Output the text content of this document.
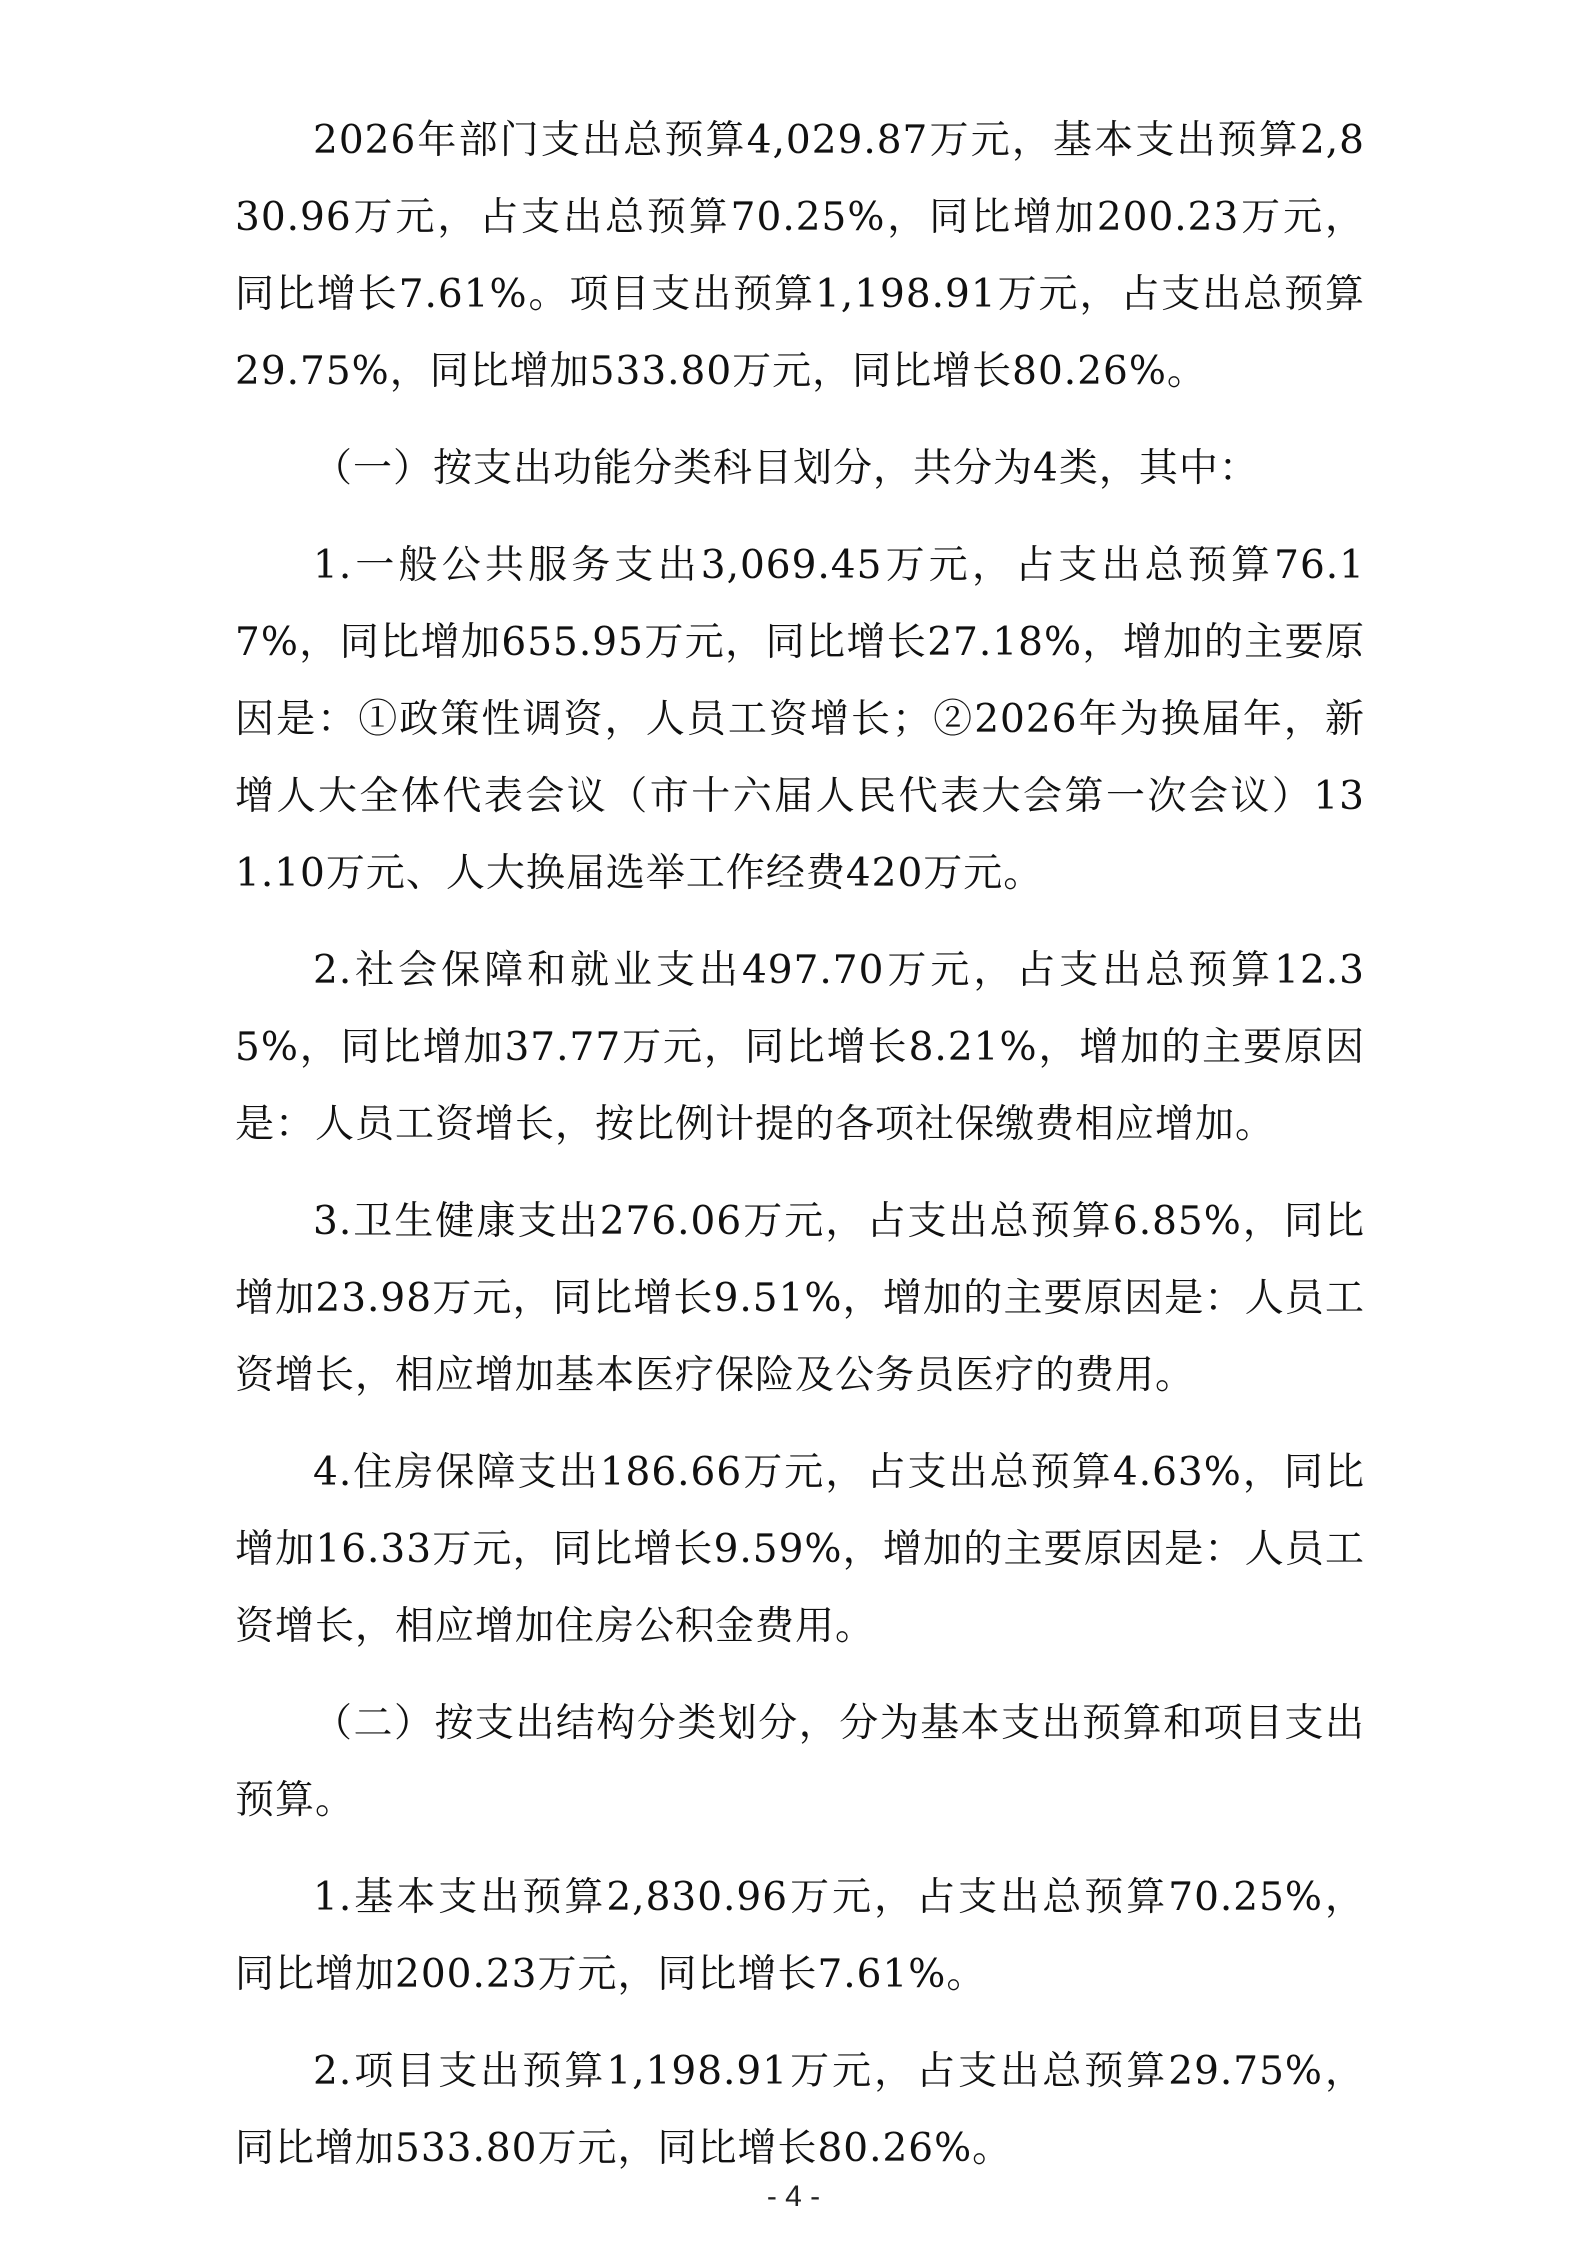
2026年部门支出总预算4,029.87万元，基本支出预算2,830.96万元，占支出总预算70.25%，同比增加200.23万元，同比增长7.61%。项目支出预算1,198.91万元，占支出总预算29.75%，同比增加533.80万元，同比增长80.26%。

（一）按支出功能分类科目划分，共分为4类，其中：

1.一般公共服务支出3,069.45万元，占支出总预算76.17%，同比增加655.95万元，同比增长27.18%，增加的主要原因是：①政策性调资，人员工资增长；②2026年为换届年，新增人大全体代表会议（市十六届人民代表大会第一次会议）131.10万元、人大换届选举工作经费420万元。

2.社会保障和就业支出497.70万元，占支出总预算12.35%，同比增加37.77万元，同比增长8.21%，增加的主要原因是：人员工资增长，按比例计提的各项社保缴费相应增加。

3.卫生健康支出276.06万元，占支出总预算6.85%，同比增加23.98万元，同比增长9.51%，增加的主要原因是：人员工资增长，相应增加基本医疗保险及公务员医疗的费用。

4.住房保障支出186.66万元，占支出总预算4.63%，同比增加16.33万元，同比增长9.59%，增加的主要原因是：人员工资增长，相应增加住房公积金费用。

（二）按支出结构分类划分，分为基本支出预算和项目支出预算。

1.基本支出预算2,830.96万元，占支出总预算70.25%，同比增加200.23万元，同比增长7.61%。

2.项目支出预算1,198.91万元，占支出总预算29.75%，同比增加533.80万元，同比增长80.26%。

- 4 -
